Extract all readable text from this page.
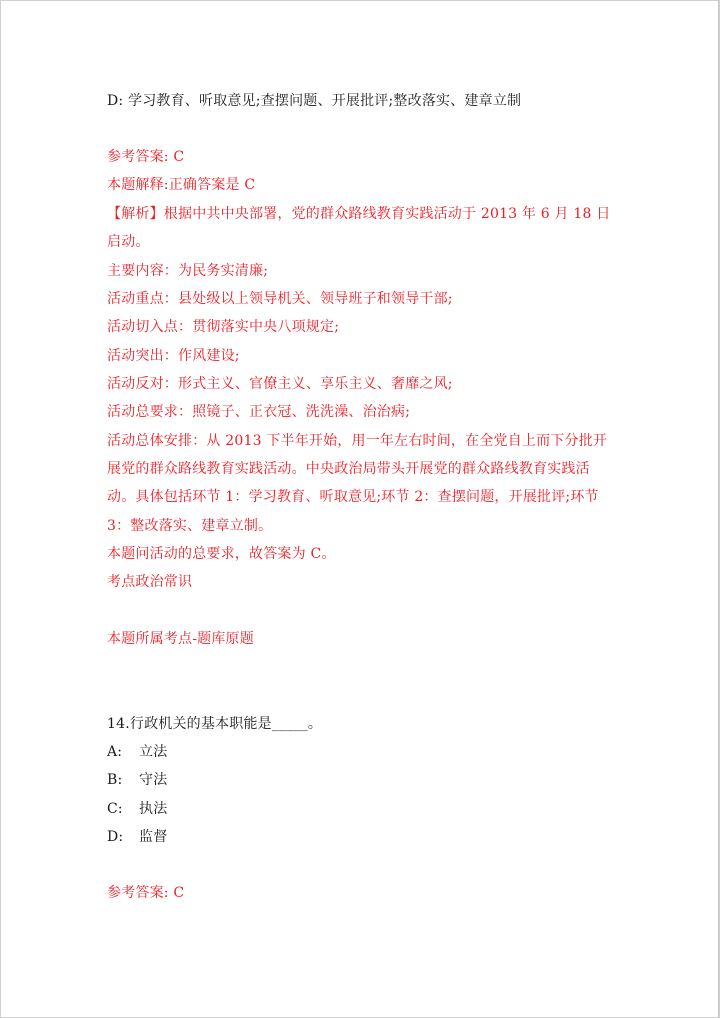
D: 学习教育、听取意见;查摆问题、开展批评;整改落实、建章立制
参考答案: C
本题解释:正确答案是 C
【解析】根据中共中央部署，党的群众路线教育实践活动于 2013 年 6 月 18 日
启动。
主要内容：为民务实清廉;
活动重点：县处级以上领导机关、领导班子和领导干部;
活动切入点：贯彻落实中央八项规定;
活动突出：作风建设;
活动反对：形式主义、官僚主义、享乐主义、奢靡之风;
活动总要求：照镜子、正衣冠、洗洗澡、治治病;
活动总体安排：从 2013 下半年开始，用一年左右时间，在全党自上而下分批开
展党的群众路线教育实践活动。中央政治局带头开展党的群众路线教育实践活
动。具体包括环节 1：学习教育、听取意见;环节 2：查摆问题，开展批评;环节
3：整改落实、建章立制。
本题问活动的总要求，故答案为 C。
考点政治常识
本题所属考点-题库原题
14.行政机关的基本职能是_____。
A: 立法
B: 守法
C: 执法
D: 监督
参考答案: C
